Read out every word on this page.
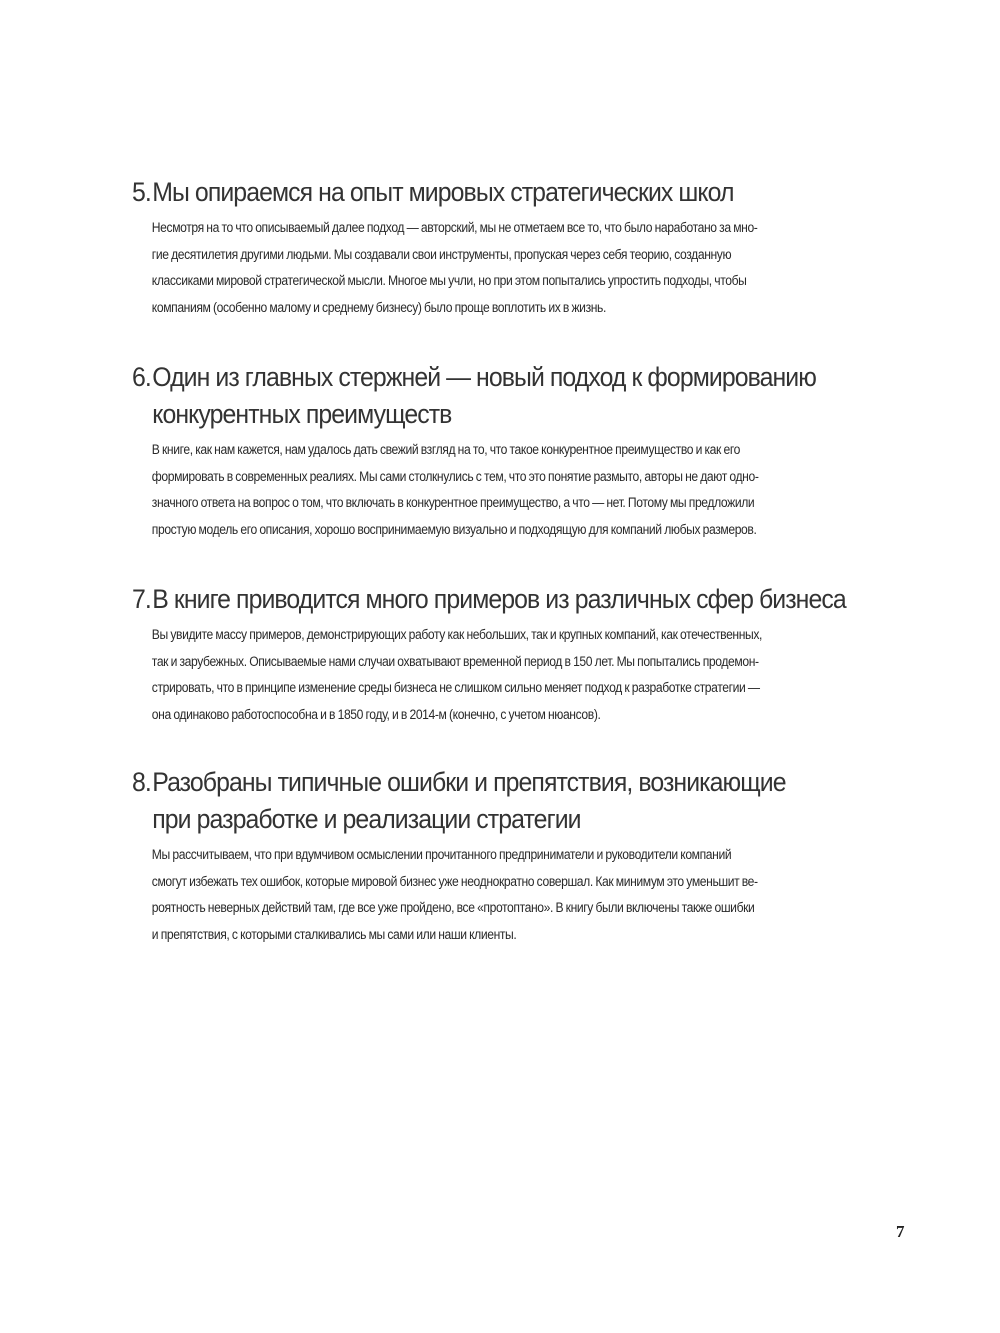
5. Мы опираемся на опыт мировых стратегических школ
Несмотря на то что описываемый далее подход — авторский, мы не отметаем все то, что было наработано за мно-
гие десятилетия другими людьми. Мы создавали свои инструменты, пропуская через себя теорию, созданную
классиками мировой стратегической мысли. Многое мы учли, но при этом попытались упростить подходы, чтобы
компаниям (особенно малому и среднему бизнесу) было проще воплотить их в жизнь.
6. Один из главных стержней — новый подход к формированию
конкурентных преимуществ
В книге, как нам кажется, нам удалось дать свежий взгляд на то, что такое конкурентное преимущество и как его
формировать в современных реалиях. Мы сами столкнулись с тем, что это понятие размыто, авторы не дают одно-
значного ответа на вопрос о том, что включать в конкурентное преимущество, а что — нет. Потому мы предложили
простую модель его описания, хорошо воспринимаемую визуально и подходящую для компаний любых размеров.
7. В книге приводится много примеров из различных сфер бизнеса
Вы увидите массу примеров, демонстрирующих работу как небольших, так и крупных компаний, как отечественных,
так и зарубежных. Описываемые нами случаи охватывают временной период в 150 лет. Мы попытались продемон-
стрировать, что в принципе изменение среды бизнеса не слишком сильно меняет подход к разработке стратегии —
она одинаково работоспособна и в 1850 году, и в 2014-м (конечно, с учетом нюансов).
8. Разобраны типичные ошибки и препятствия, возникающие
при разработке и реализации стратегии
Мы рассчитываем, что при вдумчивом осмыслении прочитанного предприниматели и руководители компаний
смогут избежать тех ошибок, которые мировой бизнес уже неоднократно совершал. Как минимум это уменьшит ве-
роятность неверных действий там, где все уже пройдено, все «протоптано». В книгу были включены также ошибки
и препятствия, с которыми сталкивались мы сами или наши клиенты.
7
